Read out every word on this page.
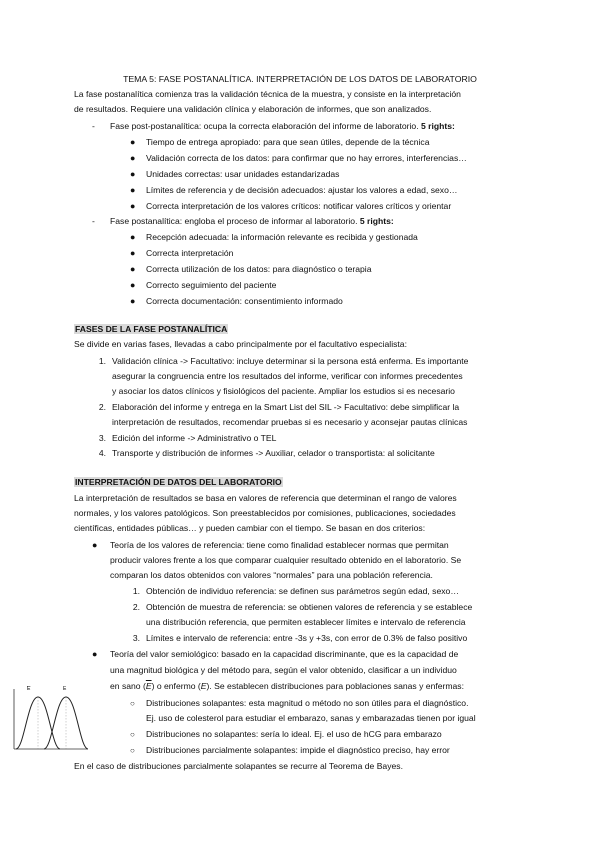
TEMA 5: FASE POSTANALÍTICA. INTERPRETACIÓN DE LOS DATOS DE LABORATORIO
La fase postanalítica comienza tras la validación técnica de la muestra, y consiste en la interpretación
de resultados. Requiere una validación clínica y elaboración de informes, que son analizados.
- Fase post-postanalítica: ocupa la correcta elaboración del informe de laboratorio. 5 rights:
● Tiempo de entrega apropiado: para que sean útiles, depende de la técnica
● Validación correcta de los datos: para confirmar que no hay errores, interferencias…
● Unidades correctas: usar unidades estandarizadas
● Límites de referencia y de decisión adecuados: ajustar los valores a edad, sexo…
● Correcta interpretación de los valores críticos: notificar valores críticos y orientar
- Fase postanalítica: engloba el proceso de informar al laboratorio. 5 rights:
● Recepción adecuada: la información relevante es recibida y gestionada
● Correcta interpretación
● Correcta utilización de los datos: para diagnóstico o terapia
● Correcto seguimiento del paciente
● Correcta documentación: consentimiento informado
FASES DE LA FASE POSTANALÍTICA
Se divide en varias fases, llevadas a cabo principalmente por el facultativo especialista:
1. Validación clínica -> Facultativo: incluye determinar si la persona está enferma. Es importante
asegurar la congruencia entre los resultados del informe, verificar con informes precedentes
y asociar los datos clínicos y fisiológicos del paciente. Ampliar los estudios si es necesario
2. Elaboración del informe y entrega en la Smart List del SIL -> Facultativo: debe simplificar la
interpretación de resultados, recomendar pruebas si es necesario y aconsejar pautas clínicas
3. Edición del informe -> Administrativo o TEL
4. Transporte y distribución de informes -> Auxiliar, celador o transportista: al solicitante
INTERPRETACIÓN DE DATOS DEL LABORATORIO
La interpretación de resultados se basa en valores de referencia que determinan el rango de valores
normales, y los valores patológicos. Son preestablecidos por comisiones, publicaciones, sociedades
científicas, entidades públicas… y pueden cambiar con el tiempo. Se basan en dos criterios:
● Teoría de los valores de referencia: tiene como finalidad establecer normas que permitan
producir valores frente a los que comparar cualquier resultado obtenido en el laboratorio. Se
comparan los datos obtenidos con valores “normales” para una población referencia.
1. Obtención de individuo referencia: se definen sus parámetros según edad, sexo…
2. Obtención de muestra de referencia: se obtienen valores de referencia y se establece
una distribución referencia, que permiten establecer límites e intervalo de referencia
3. Límites e intervalo de referencia: entre -3s y +3s, con error de 0.3% de falso positivo
● Teoría del valor semiológico: basado en la capacidad discriminante, que es la capacidad de
una magnitud biológica y del método para, según el valor obtenido, clasificar a un individuo
en sano $(\overline{E})$ o enfermo (E). Se establecen distribuciones para poblaciones sanas y enfermas:
○ Distribuciones solapantes: esta magnitud o método no son útiles para el diagnóstico.
Ej. uso de colesterol para estudiar el embarazo, sanas y embarazadas tienen por igual
○ Distribuciones no solapantes: sería lo ideal. Ej. el uso de hCG para embarazo
○ Distribuciones parcialmente solapantes: impide el diagnóstico preciso, hay error
En el caso de distribuciones parcialmente solapantes se recurre al Teorema de Bayes.
E	E
